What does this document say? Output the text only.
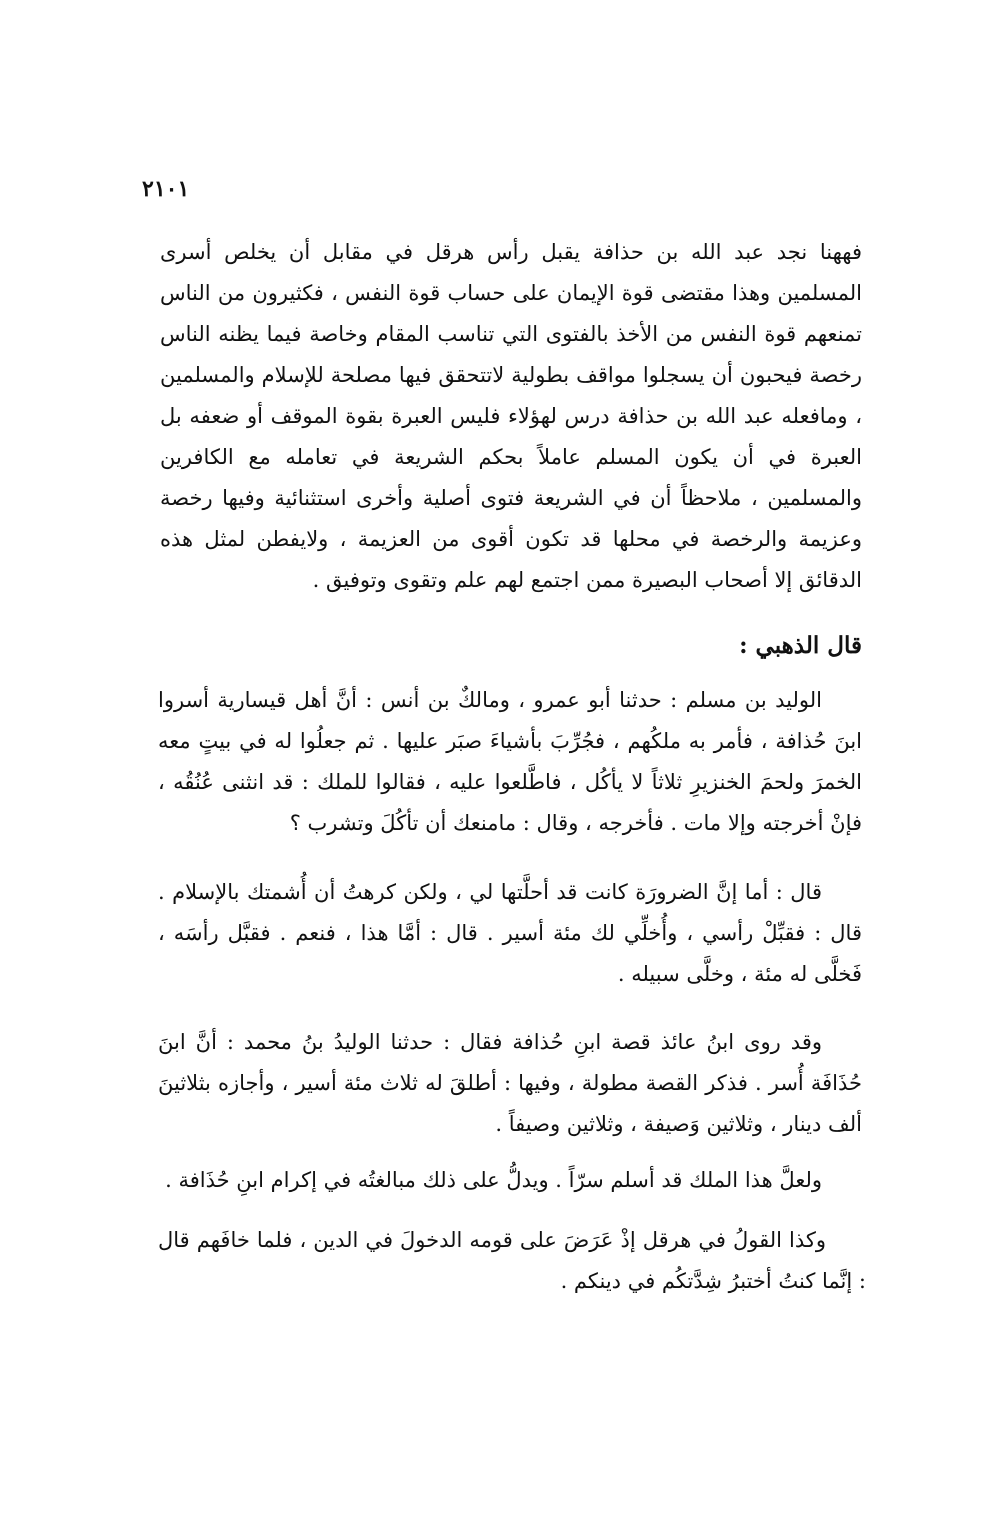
٢١٠١

فههنا نجد عبد الله بن حذافة يقبل رأس هرقل في مقابل أن يخلص أسرى المسلمين وهذا مقتضى قوة الإيمان على حساب قوة النفس ، فكثيرون من الناس تمنعهم قوة النفس من الأخذ بالفتوى التي تناسب المقام وخاصة فيما يظنه الناس رخصة فيحبون أن يسجلوا مواقف بطولية لاتتحقق فيها مصلحة للإسلام والمسلمين ، ومافعله عبد الله بن حذافة درس لهؤلاء فليس العبرة بقوة الموقف أو ضعفه بل العبرة في أن يكون المسلم عاملاً بحكم الشريعة في تعامله مع الكافرين والمسلمين ، ملاحظاً أن في الشريعة فتوى أصلية وأخرى استثنائية وفيها رخصة وعزيمة والرخصة في محلها قد تكون أقوى من العزيمة ، ولايفطن لمثل هذه الدقائق إلا أصحاب البصيرة ممن اجتمع لهم علم وتقوى وتوفيق .

قال الذهبي :

الوليد بن مسلم : حدثنا أبو عمرو ، ومالكٌ بن أنس : أنَّ أهل قيسارية أسروا ابنَ حُذافة ، فأمر به ملكُهم ، فجُرِّبَ بأشياءَ صبَر عليها . ثم جعلُوا له في بيتٍ معه الخمرَ ولحمَ الخنزيرِ ثلاثاً لا يأكُل ، فاطَّلعوا عليه ، فقالوا للملك : قد انثنى عُنُقُه ، فإنْ أخرجته وإلا مات . فأخرجه ، وقال : مامنعك أن تأكُلَ وتشرب ؟

قال : أما إنَّ الضرورَة كانت قد أحلَّتها لي ، ولكن كرهتُ أن أُشمتك بالإسلام . قال : فقبِّلْ رأسي ، وأُخلِّي لك مئة أسير . قال : أمَّا هذا ، فنعم . فقبَّل رأسَه ، فَخلَّى له مئة ، وخلَّى سبيله .

وقد روى ابنُ عائذ قصة ابنِ حُذافة فقال : حدثنا الوليدُ بنُ محمد : أنَّ ابنَ حُذَافَة أُسر . فذكر القصة مطولة ، وفيها : أطلقَ له ثلاث مئة أسير ، وأجازه بثلاثينَ ألف دينار ، وثلاثين وَصيفة ، وثلاثين وصيفاً .

ولعلَّ هذا الملك قد أسلم سرّاً . ويدلُّ على ذلك مبالغتُه في إكرام ابنِ حُذَافة .

وكذا القولُ في هرقل إذْ عَرَضَ على قومه الدخولَ في الدين ، فلما خافَهم قال : إنَّما كنتُ أختبرُ شِدَّتكُم في دينكم .
